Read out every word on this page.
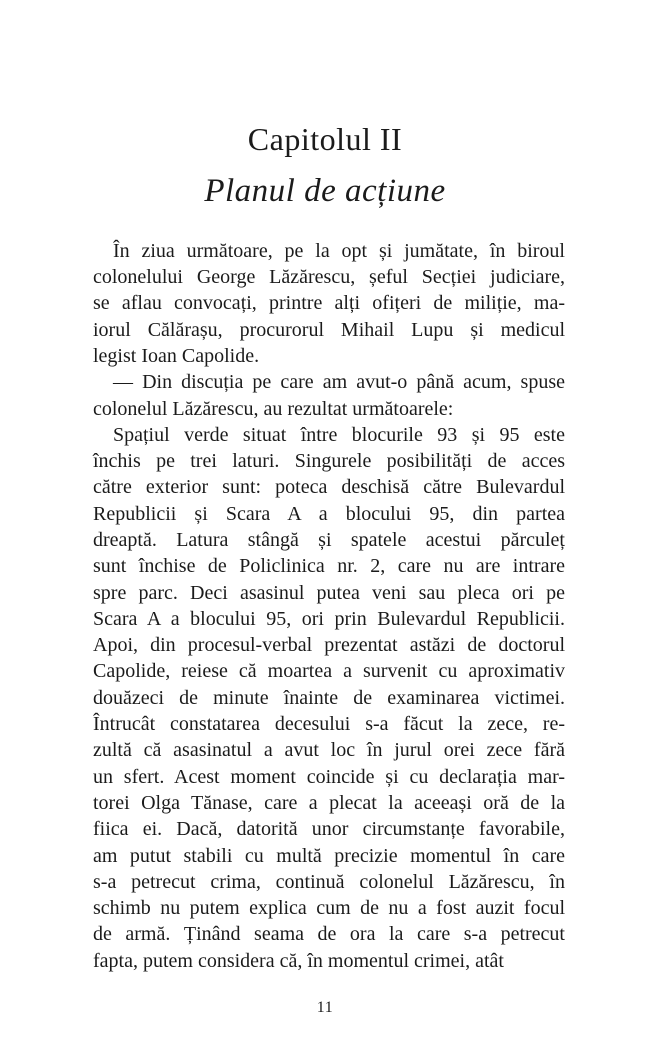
Capitolul II
Planul de acțiune
În ziua următoare, pe la opt și jumătate, în biroul
colonelului George Lăzărescu, șeful Secției judiciare,
se aflau convocați, printre alți ofițeri de miliție, ma-
iorul Călărașu, procurorul Mihail Lupu și medicul
legist Ioan Capolide.
— Din discuția pe care am avut-o până acum, spuse
colonelul Lăzărescu, au rezultat următoarele:
Spațiul verde situat între blocurile 93 și 95 este
închis pe trei laturi. Singurele posibilități de acces
către exterior sunt: poteca deschisă către Bulevardul
Republicii și Scara A a blocului 95, din partea
dreaptă. Latura stângă și spatele acestui părculeț
sunt închise de Policlinica nr. 2, care nu are intrare
spre parc. Deci asasinul putea veni sau pleca ori pe
Scara A a blocului 95, ori prin Bulevardul Republicii.
Apoi, din procesul-verbal prezentat astăzi de doctorul
Capolide, reiese că moartea a survenit cu aproximativ
douăzeci de minute înainte de examinarea victimei.
Întrucât constatarea decesului s-a făcut la zece, re-
zultă că asasinatul a avut loc în jurul orei zece fără
un sfert. Acest moment coincide și cu declarația mar-
torei Olga Tănase, care a plecat la aceeași oră de la
fiica ei. Dacă, datorită unor circumstanțe favorabile,
am putut stabili cu multă precizie momentul în care
s-a petrecut crima, continuă colonelul Lăzărescu, în
schimb nu putem explica cum de nu a fost auzit focul
de armă. Ținând seama de ora la care s-a petrecut
fapta, putem considera că, în momentul crimei, atât
11
